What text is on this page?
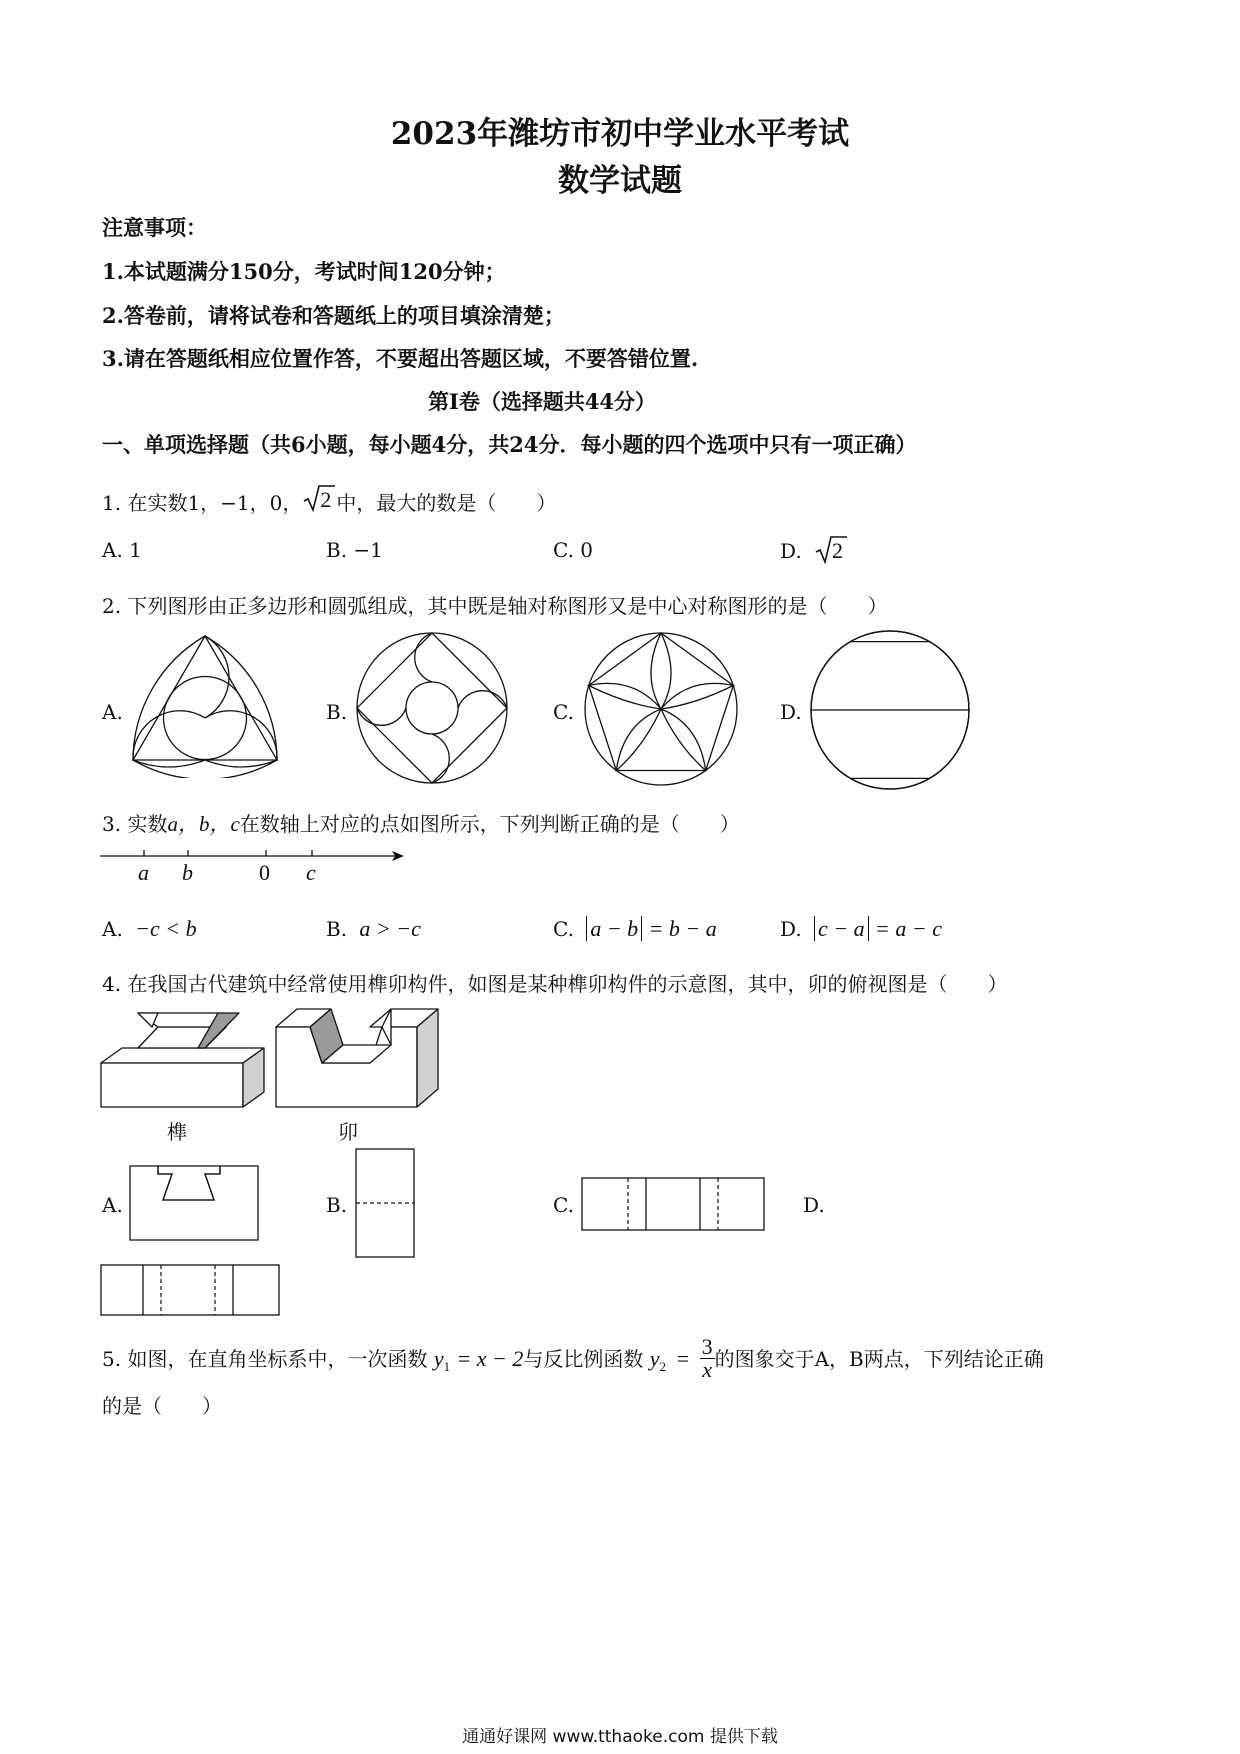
2023年潍坊市初中学业水平考试
数学试题
注意事项：
1.本试题满分150分，考试时间120分钟；
2.答卷前，请将试卷和答题纸上的项目填涂清楚；
3.请在答题纸相应位置作答，不要超出答题区域，不要答错位置.
第I卷（选择题共44分）
一、单项选择题（共6小题，每小题4分，共24分．每小题的四个选项中只有一项正确）
1. 在实数1，−1，0， 2 中，最大的数是（　　）
A. 1	B. −1	C. 0	D. 2
2. 下列图形由正多边形和圆弧组成，其中既是轴对称图形又是中心对称图形的是（　　）
A.	B.	C.	D.
3. 实数a，b，c在数轴上对应的点如图所示，下列判断正确的是（　　）
a b	0 c
A. −c < b	B. a > −c	C. a − b = b − a	D. c − a = a − c
4. 在我国古代建筑中经常使用榫卯构件，如图是某种榫卯构件的示意图，其中，卯的俯视图是（　　）
榫	卯
A.	B.	C.	D.
5. 如图，在直角坐标系中，一次函数 $y_1 = x - 2$与反比例函数 $y_2 = \frac{3}{x}$ 的图象交于A，B两点，下列结论正确
的是（　　）
通通好课网 www.tthaoke.com 提供下载
